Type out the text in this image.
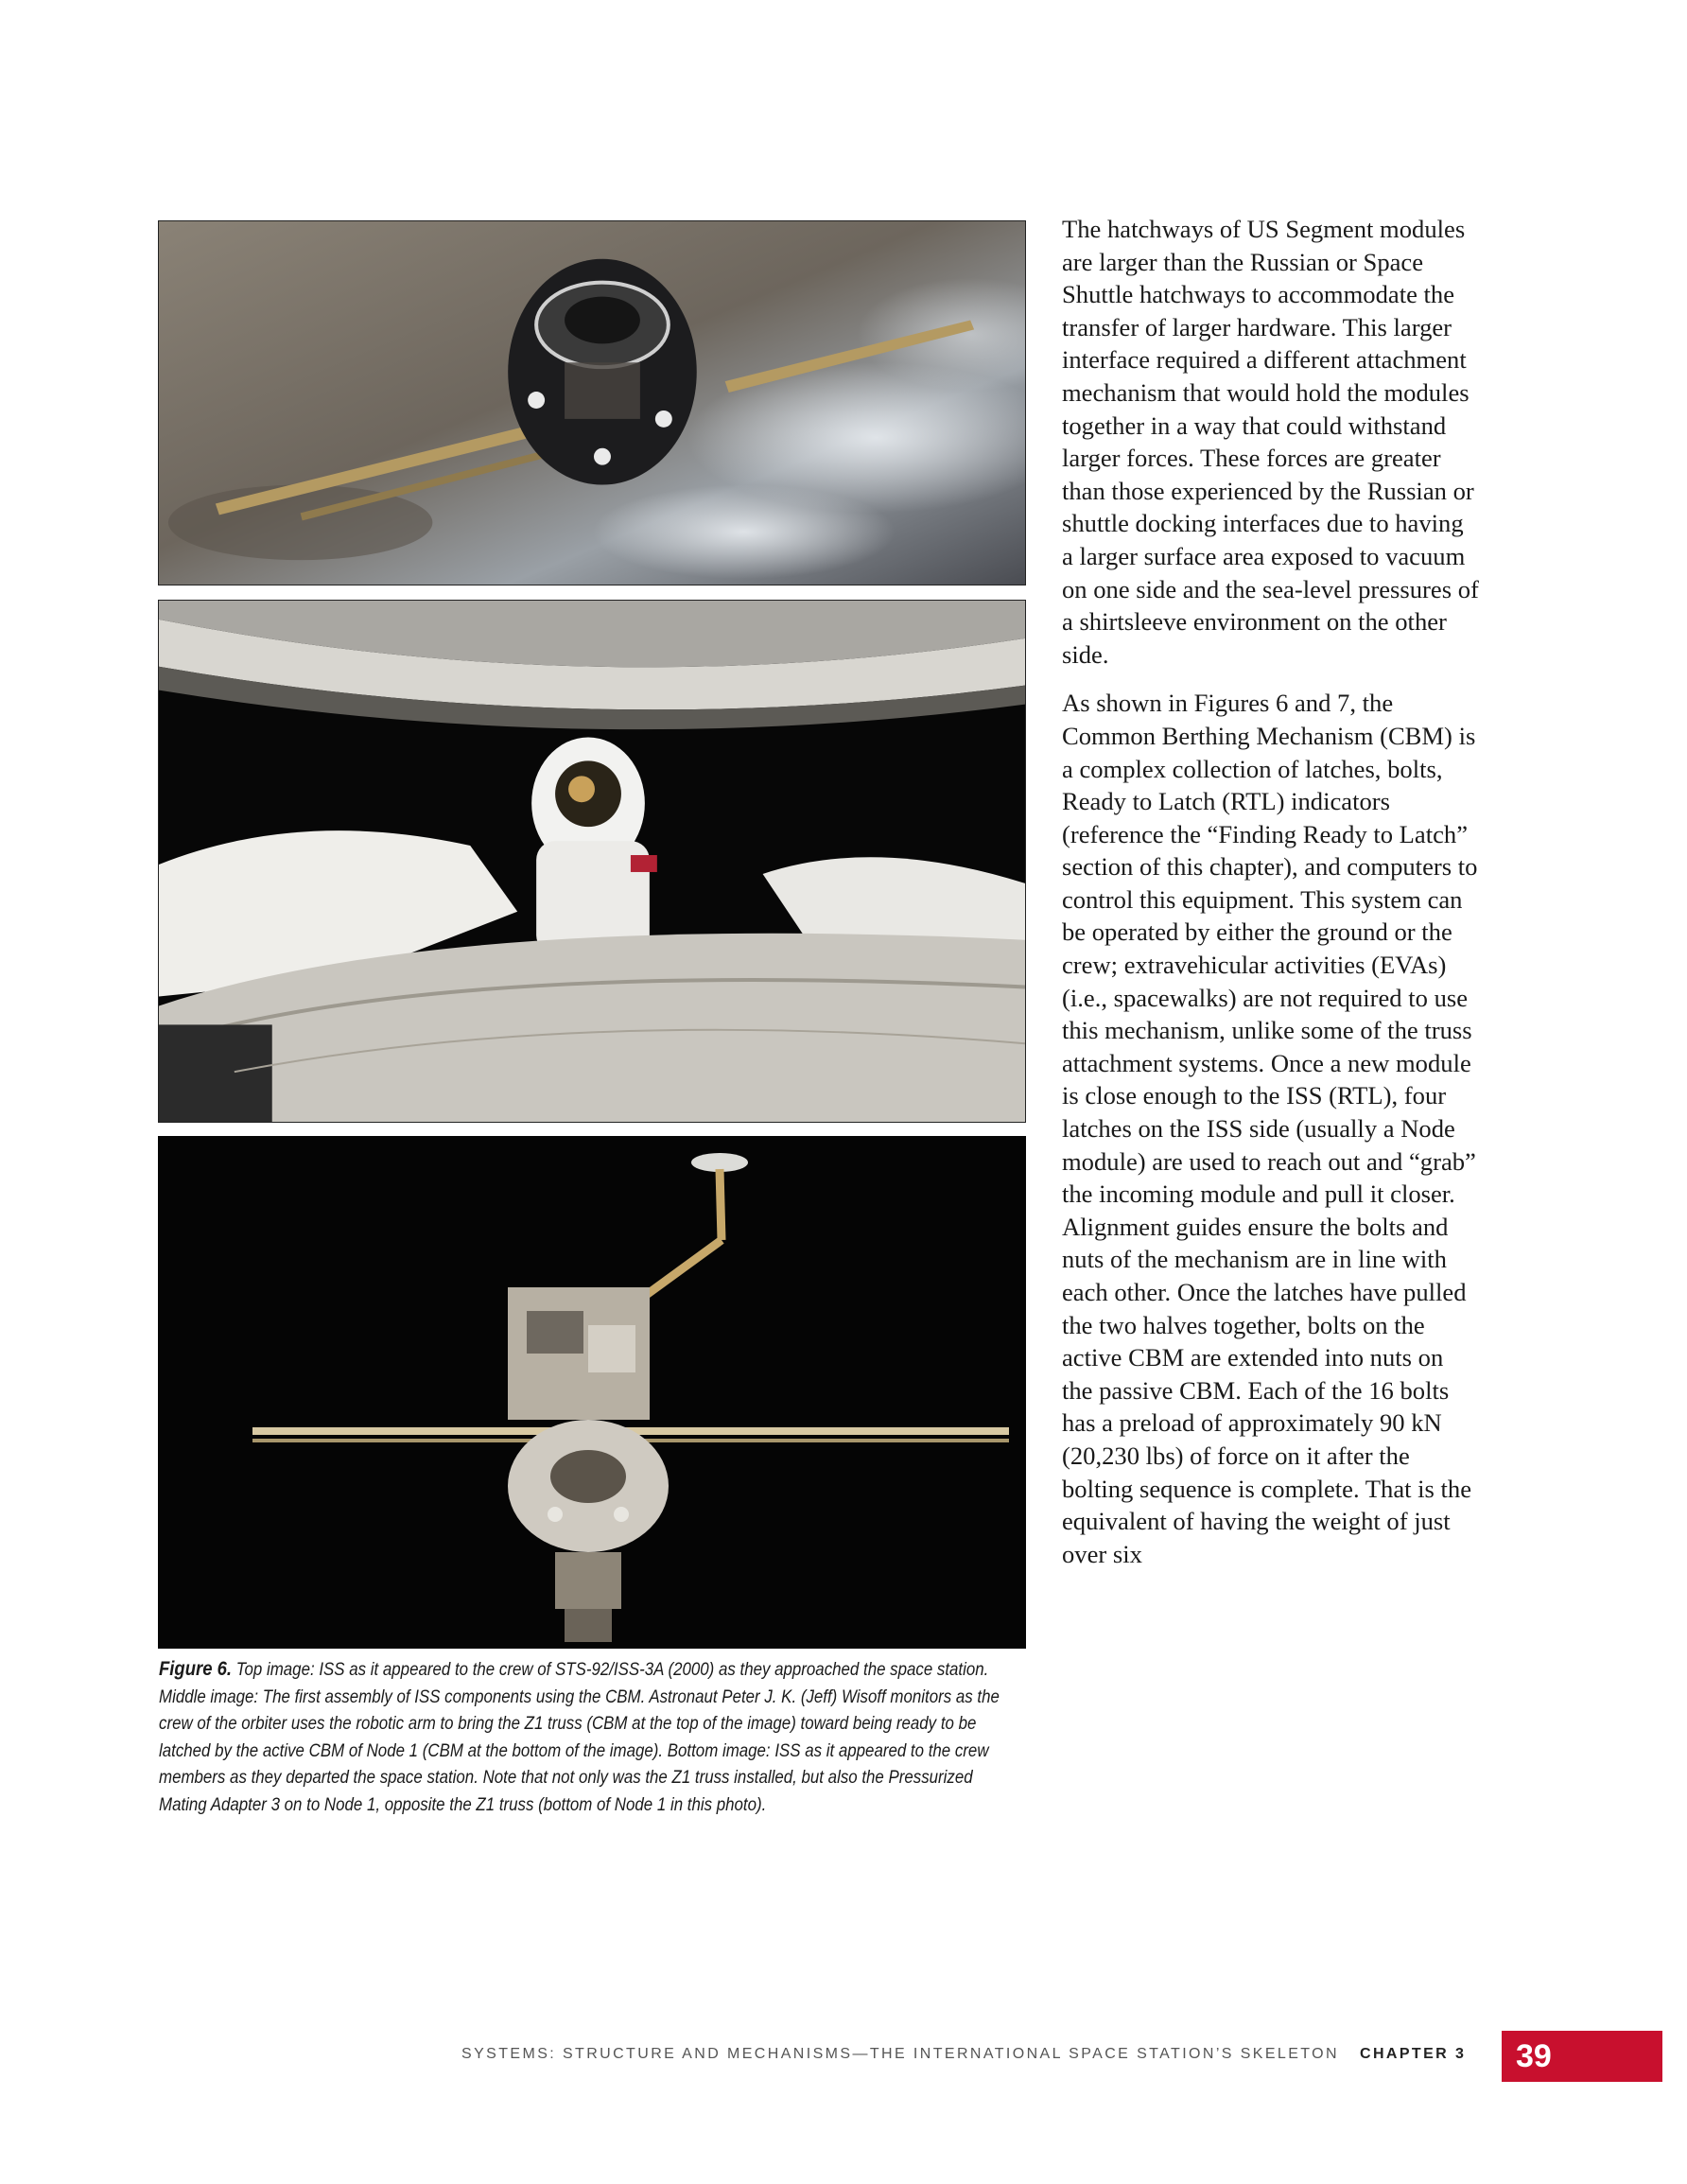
Figure 6. Top image: ISS as it appeared to the crew of STS-92/ISS-3A (2000) as they approached the space station. Middle image: The first assembly of ISS components using the CBM. Astronaut Peter J. K. (Jeff) Wisoff monitors as the crew of the orbiter uses the robotic arm to bring the Z1 truss (CBM at the top of the image) toward being ready to be latched by the active CBM of Node 1 (CBM at the bottom of the image). Bottom image: ISS as it appeared to the crew members as they departed the space station. Note that not only was the Z1 truss installed, but also the Pressurized Mating Adapter 3 on to Node 1, opposite the Z1 truss (bottom of Node 1 in this photo).

The hatchways of US Segment modules are larger than the Russian or Space Shuttle hatchways to accommodate the transfer of larger hardware. This larger interface required a different attachment mechanism that would hold the modules together in a way that could withstand larger forces. These forces are greater than those experienced by the Russian or shuttle docking interfaces due to having a larger surface area exposed to vacuum on one side and the sea-level pressures of a shirtsleeve environment on the other side.

As shown in Figures 6 and 7, the Common Berthing Mechanism (CBM) is a complex collection of latches, bolts, Ready to Latch (RTL) indicators (reference the “Finding Ready to Latch” section of this chapter), and computers to control this equipment. This system can be operated by either the ground or the crew; extravehicular activities (EVAs) (i.e., spacewalks) are not required to use this mechanism, unlike some of the truss attachment systems. Once a new module is close enough to the ISS (RTL), four latches on the ISS side (usually a Node module) are used to reach out and “grab” the incoming module and pull it closer. Alignment guides ensure the bolts and nuts of the mechanism are in line with each other. Once the latches have pulled the two halves together, bolts on the active CBM are extended into nuts on the passive CBM. Each of the 16 bolts has a preload of approximately 90 kN (20,230 lbs) of force on it after the bolting sequence is complete. That is the equivalent of having the weight of just over six

SYSTEMS: STRUCTURE AND MECHANISMS—THE INTERNATIONAL SPACE STATION’S SKELETON CHAPTER 3	39
